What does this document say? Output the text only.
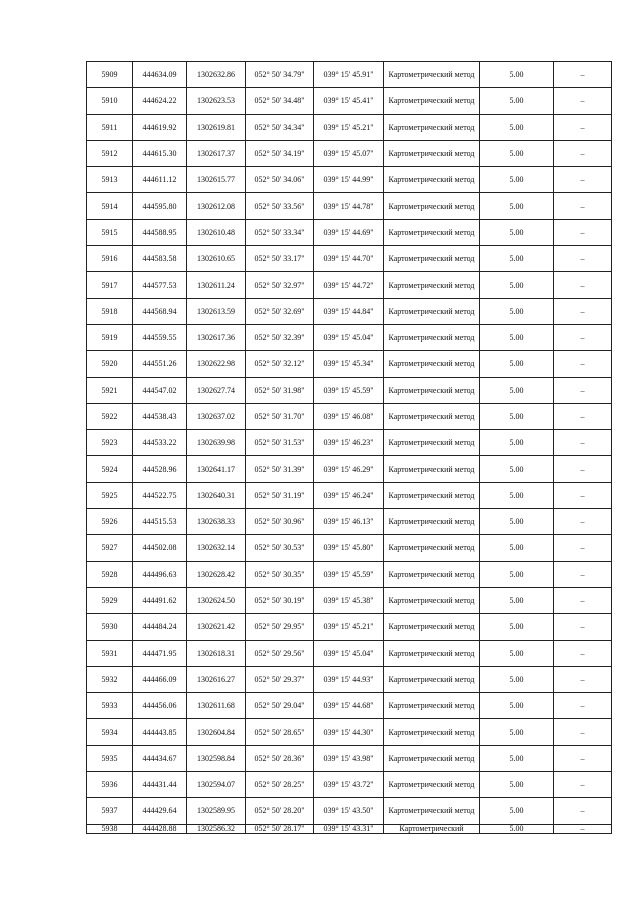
5909	444634.09	1302632.86	052° 50' 34.79"	039° 15' 45.91"	Картометрический метод	5.00	–
5910	444624.22	1302623.53	052° 50' 34.48"	039° 15' 45.41"	Картометрический метод	5.00	–
5911	444619.92	1302619.81	052° 50' 34.34"	039° 15' 45.21"	Картометрический метод	5.00	–
5912	444615.30	1302617.37	052° 50' 34.19"	039° 15' 45.07"	Картометрический метод	5.00	–
5913	444611.12	1302615.77	052° 50' 34.06"	039° 15' 44.99"	Картометрический метод	5.00	–
5914	444595.80	1302612.08	052° 50' 33.56"	039° 15' 44.78"	Картометрический метод	5.00	–
5915	444588.95	1302610.48	052° 50' 33.34"	039° 15' 44.69"	Картометрический метод	5.00	–
5916	444583.58	1302610.65	052° 50' 33.17"	039° 15' 44.70"	Картометрический метод	5.00	–
5917	444577.53	1302611.24	052° 50' 32.97"	039° 15' 44.72"	Картометрический метод	5.00	–
5918	444568.94	1302613.59	052° 50' 32.69"	039° 15' 44.84"	Картометрический метод	5.00	–
5919	444559.55	1302617.36	052° 50' 32.39"	039° 15' 45.04"	Картометрический метод	5.00	–
5920	444551.26	1302622.98	052° 50' 32.12"	039° 15' 45.34"	Картометрический метод	5.00	–
5921	444547.02	1302627.74	052° 50' 31.98"	039° 15' 45.59"	Картометрический метод	5.00	–
5922	444538.43	1302637.02	052° 50' 31.70"	039° 15' 46.08"	Картометрический метод	5.00	–
5923	444533.22	1302639.98	052° 50' 31.53"	039° 15' 46.23"	Картометрический метод	5.00	–
5924	444528.96	1302641.17	052° 50' 31.39"	039° 15' 46.29"	Картометрический метод	5.00	–
5925	444522.75	1302640.31	052° 50' 31.19"	039° 15' 46.24"	Картометрический метод	5.00	–
5926	444515.53	1302638.33	052° 50' 30.96"	039° 15' 46.13"	Картометрический метод	5.00	–
5927	444502.08	1302632.14	052° 50' 30.53"	039° 15' 45.80"	Картометрический метод	5.00	–
5928	444496.63	1302628.42	052° 50' 30.35"	039° 15' 45.59"	Картометрический метод	5.00	–
5929	444491.62	1302624.50	052° 50' 30.19"	039° 15' 45.38"	Картометрический метод	5.00	–
5930	444484.24	1302621.42	052° 50' 29.95"	039° 15' 45.21"	Картометрический метод	5.00	–
5931	444471.95	1302618.31	052° 50' 29.56"	039° 15' 45.04"	Картометрический метод	5.00	–
5932	444466.09	1302616.27	052° 50' 29.37"	039° 15' 44.93"	Картометрический метод	5.00	–
5933	444456.06	1302611.68	052° 50' 29.04"	039° 15' 44.68"	Картометрический метод	5.00	–
5934	444443.85	1302604.84	052° 50' 28.65"	039° 15' 44.30"	Картометрический метод	5.00	–
5935	444434.67	1302598.84	052° 50' 28.36"	039° 15' 43.98"	Картометрический метод	5.00	–
5936	444431.44	1302594.07	052° 50' 28.25"	039° 15' 43.72"	Картометрический метод	5.00	–
5937	444429.64	1302589.95	052° 50' 28.20"	039° 15' 43.50"	Картометрический метод	5.00	–
5938	444428.88	1302586.32	052° 50' 28.17"	039° 15' 43.31"	Картометрический	5.00	–
